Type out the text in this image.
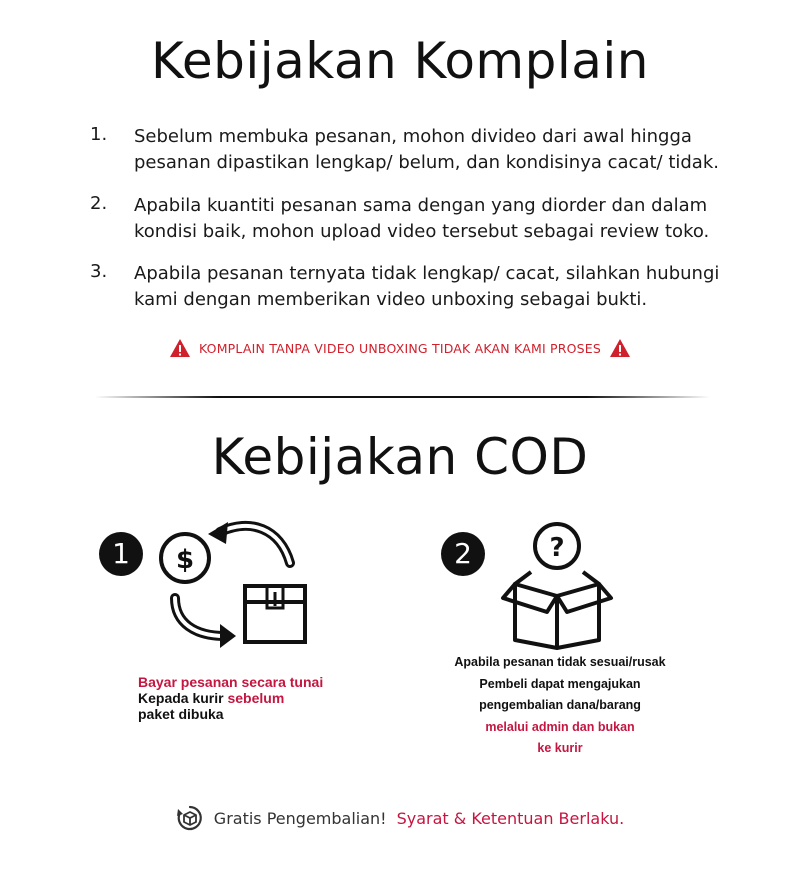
Kebijakan Komplain
1. Sebelum membuka pesanan, mohon divideo dari awal hingga pesanan dipastikan lengkap/ belum, dan kondisinya cacat/ tidak.
2. Apabila kuantiti pesanan sama dengan yang diorder dan dalam kondisi baik, mohon upload video tersebut sebagai review toko.
3. Apabila pesanan ternyata tidak lengkap/ cacat, silahkan hubungi kami dengan memberikan video unboxing sebagai bukti.
KOMPLAIN TANPA VIDEO UNBOXING TIDAK AKAN KAMI PROSES
Kebijakan COD
1	$
Bayar pesanan secara tunai
Kepada kurir sebelum
paket dibuka
2	?
Apabila pesanan tidak sesuai/rusak
Pembeli dapat mengajukan
pengembalian dana/barang
melalui admin dan bukan
ke kurir
Gratis Pengembalian! Syarat & Ketentuan Berlaku.
